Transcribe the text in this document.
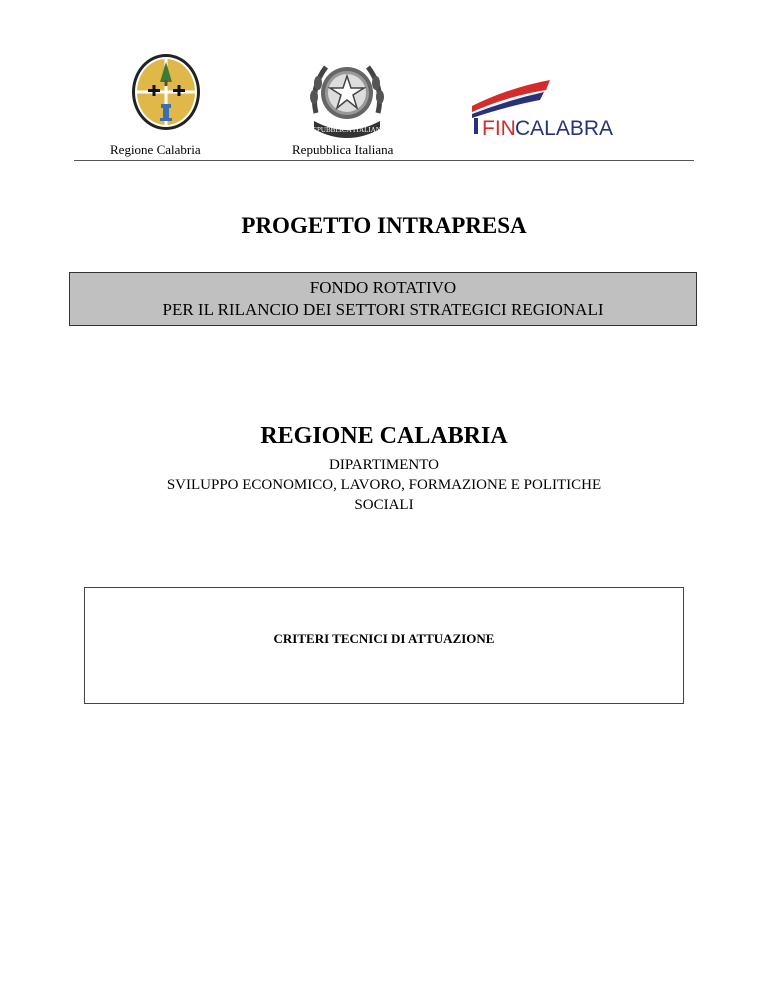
Regione Calabria
REPUBBLICA ITALIANA
Repubblica Italiana
FIN CALABRA
PROGETTO INTRAPRESA
FONDO ROTATIVO
PER IL RILANCIO DEI SETTORI STRATEGICI REGIONALI
REGIONE CALABRIA
DIPARTIMENTO
SVILUPPO ECONOMICO, LAVORO, FORMAZIONE E POLITICHE
SOCIALI
CRITERI TECNICI DI ATTUAZIONE
